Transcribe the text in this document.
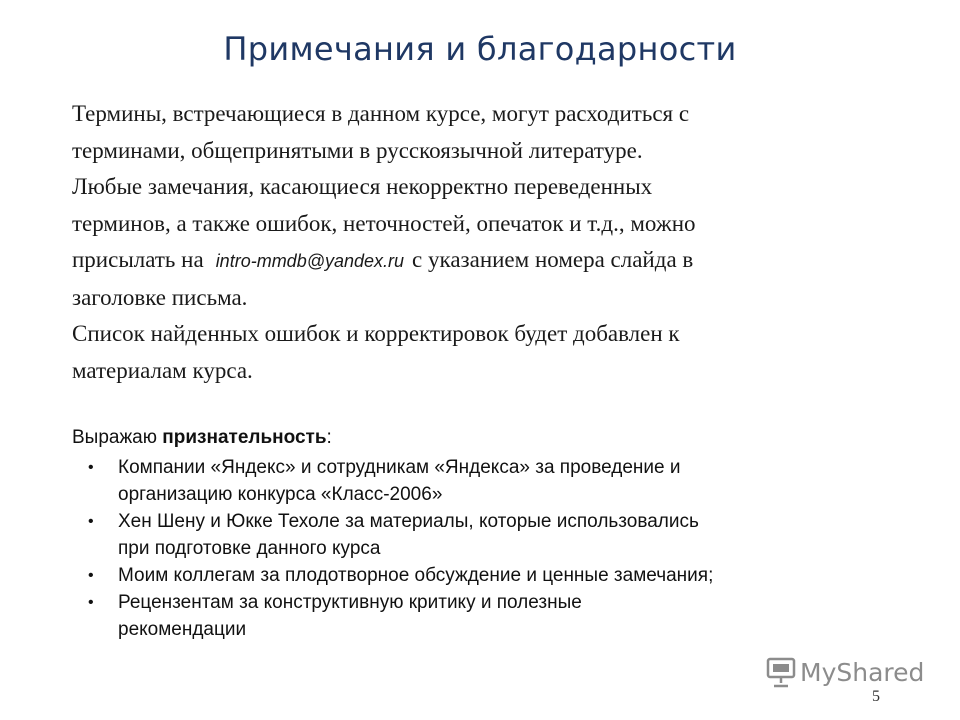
Примечания и благодарности

Термины, встречающиеся в данном курсе, могут расходиться с
терминами, общепринятыми в русскоязычной литературе.

Любые замечания, касающиеся некорректно переведенных
терминов, а также ошибок, неточностей, опечаток и т.д., можно
присылать на intro-mmdb@yandex.ru с указанием номера слайда в
заголовке письма.

Список найденных ошибок и корректировок будет добавлен к
материалам курса.

Выражаю признательность:
• Компании «Яндекс» и сотрудникам «Яндекса» за проведение и
организацию конкурса «Класс-2006»
• Хен Шену и Юкке Техоле за материалы, которые использовались
при подготовке данного курса
• Моим коллегам за плодотворное обсуждение и ценные замечания;
• Рецензентам за конструктивную критику и полезные
рекомендации
MyShared
5
